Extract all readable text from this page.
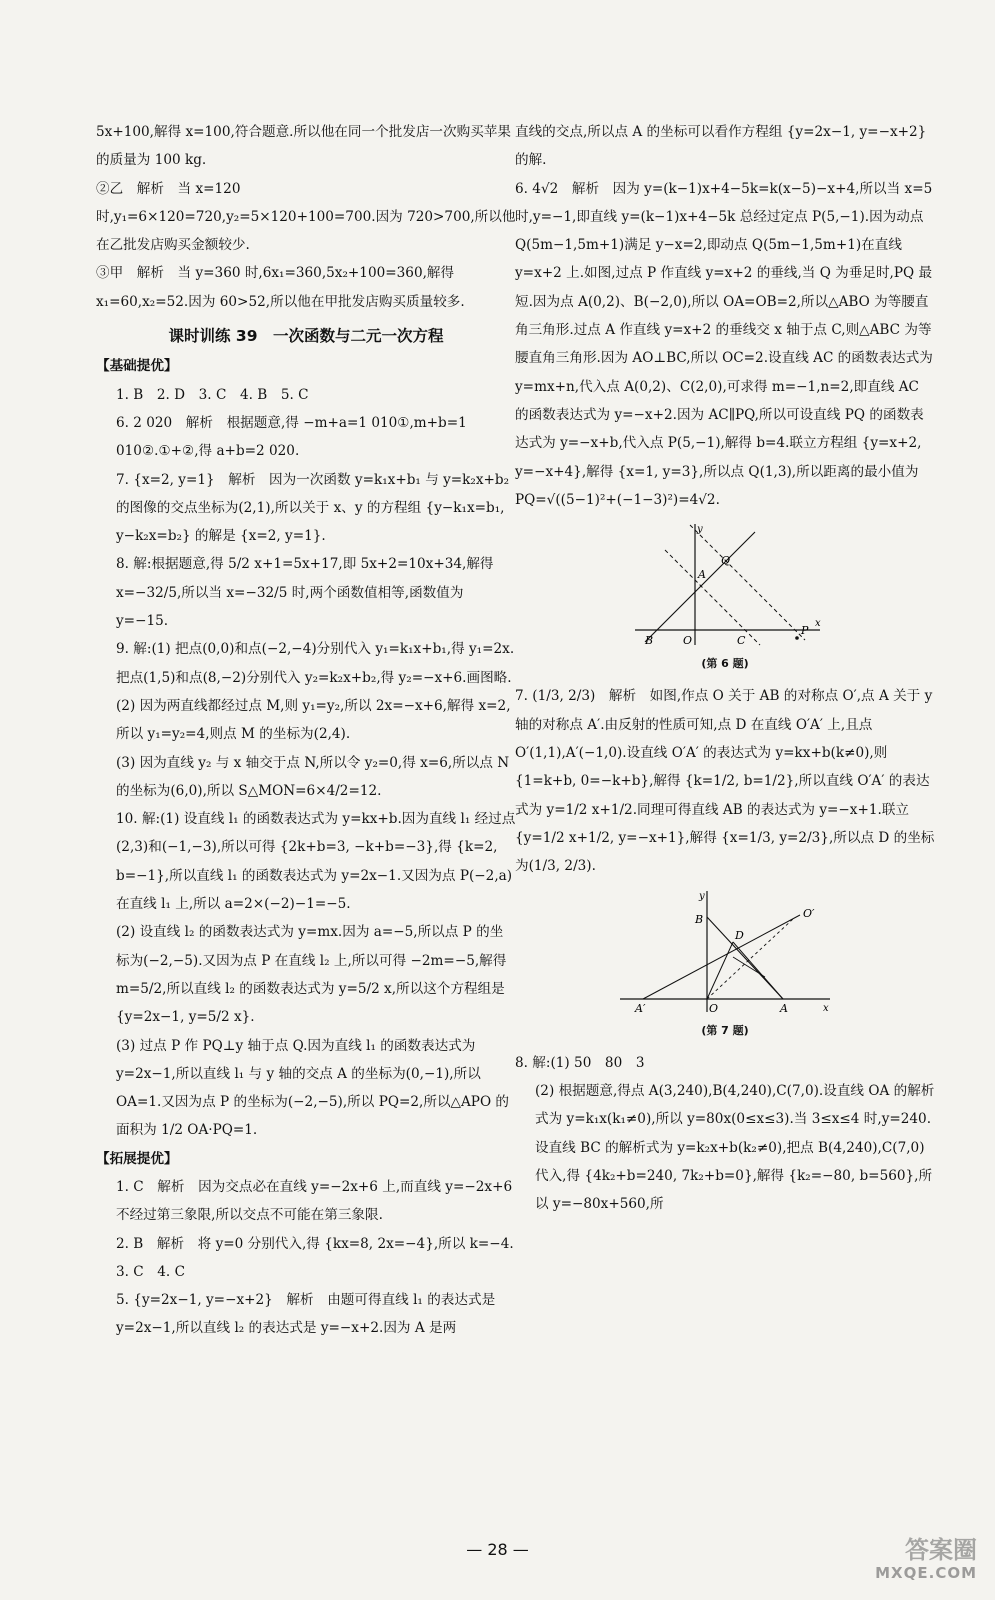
5x+100,解得 x=100,符合题意.所以他在同一个批发店一次购买苹果的质量为 100 kg.

②乙　解析　当 x=120 时,y₁=6×120=720,y₂=5×120+100=700.因为 720>700,所以他在乙批发店购买金额较少.

③甲　解析　当 y=360 时,6x₁=360,5x₂+100=360,解得 x₁=60,x₂=52.因为 60>52,所以他在甲批发店购买质量较多.

课时训练 39　一次函数与二元一次方程
【基础提优】

1. B　2. D　3. C　4. B　5. C

6. 2 020　解析　根据题意,得 −m+a=1 010①,m+b=1 010②.①+②,得 a+b=2 020.

7. {x=2, y=1}　解析　因为一次函数 y=k₁x+b₁ 与 y=k₂x+b₂ 的图像的交点坐标为(2,1),所以关于 x、y 的方程组 {y−k₁x=b₁, y−k₂x=b₂} 的解是 {x=2, y=1}.

8. 解:根据题意,得 5/2 x+1=5x+17,即 5x+2=10x+34,解得 x=−32/5,所以当 x=−32/5 时,两个函数值相等,函数值为 y=−15.

9. 解:(1) 把点(0,0)和点(−2,−4)分别代入 y₁=k₁x+b₁,得 y₁=2x.把点(1,5)和点(8,−2)分别代入 y₂=k₂x+b₂,得 y₂=−x+6.画图略.

(2) 因为两直线都经过点 M,则 y₁=y₂,所以 2x=−x+6,解得 x=2,所以 y₁=y₂=4,则点 M 的坐标为(2,4).

(3) 因为直线 y₂ 与 x 轴交于点 N,所以令 y₂=0,得 x=6,所以点 N 的坐标为(6,0),所以 S△MON=6×4/2=12.

10. 解:(1) 设直线 l₁ 的函数表达式为 y=kx+b.因为直线 l₁ 经过点(2,3)和(−1,−3),所以可得 {2k+b=3, −k+b=−3},得 {k=2, b=−1},所以直线 l₁ 的函数表达式为 y=2x−1.又因为点 P(−2,a)在直线 l₁ 上,所以 a=2×(−2)−1=−5.

(2) 设直线 l₂ 的函数表达式为 y=mx.因为 a=−5,所以点 P 的坐标为(−2,−5).又因为点 P 在直线 l₂ 上,所以可得 −2m=−5,解得 m=5/2,所以直线 l₂ 的函数表达式为 y=5/2 x,所以这个方程组是 {y=2x−1, y=5/2 x}.

(3) 过点 P 作 PQ⊥y 轴于点 Q.因为直线 l₁ 的函数表达式为 y=2x−1,所以直线 l₁ 与 y 轴的交点 A 的坐标为(0,−1),所以 OA=1.又因为点 P 的坐标为(−2,−5),所以 PQ=2,所以△APO 的面积为 1/2 OA·PQ=1.

【拓展提优】

1. C　解析　因为交点必在直线 y=−2x+6 上,而直线 y=−2x+6 不经过第三象限,所以交点不可能在第三象限.

2. B　解析　将 y=0 分别代入,得 {kx=8, 2x=−4},所以 k=−4.

3. C　4. C

5. {y=2x−1, y=−x+2}　解析　由题可得直线 l₁ 的表达式是 y=2x−1,所以直线 l₂ 的表达式是 y=−x+2.因为 A 是两

直线的交点,所以点 A 的坐标可以看作方程组 {y=2x−1, y=−x+2} 的解.

6. 4√2　解析　因为 y=(k−1)x+4−5k=k(x−5)−x+4,所以当 x=5 时,y=−1,即直线 y=(k−1)x+4−5k 总经过定点 P(5,−1).因为动点 Q(5m−1,5m+1)满足 y−x=2,即动点 Q(5m−1,5m+1)在直线 y=x+2 上.如图,过点 P 作直线 y=x+2 的垂线,当 Q 为垂足时,PQ 最短.因为点 A(0,2)、B(−2,0),所以 OA=OB=2,所以△ABO 为等腰直角三角形.过点 A 作直线 y=x+2 的垂线交 x 轴于点 C,则△ABC 为等腰直角三角形.因为 AO⊥BC,所以 OC=2.设直线 AC 的函数表达式为 y=mx+n,代入点 A(0,2)、C(2,0),可求得 m=−1,n=2,即直线 AC 的函数表达式为 y=−x+2.因为 AC∥PQ,所以可设直线 PQ 的函数表达式为 y=−x+b,代入点 P(5,−1),解得 b=4.联立方程组 {y=x+2, y=−x+4},解得 {x=1, y=3},所以点 Q(1,3),所以距离的最小值为 PQ=√((5−1)²+(−1−3)²)=4√2.

y
x
Q
A
B	O	C
P
(第 6 题)

7. (1/3, 2/3)　解析　如图,作点 O 关于 AB 的对称点 O′,点 A 关于 y 轴的对称点 A′.由反射的性质可知,点 D 在直线 O′A′ 上,且点 O′(1,1),A′(−1,0).设直线 O′A′ 的表达式为 y=kx+b(k≠0),则 {1=k+b, 0=−k+b},解得 {k=1/2, b=1/2},所以直线 O′A′ 的表达式为 y=1/2 x+1/2.同理可得直线 AB 的表达式为 y=−x+1.联立 {y=1/2 x+1/2, y=−x+1},解得 {x=1/3, y=2/3},所以点 D 的坐标为(1/3, 2/3).

y
x
B
D
O′
A′	O	A
(第 7 题)

8. 解:(1) 50　80　3

(2) 根据题意,得点 A(3,240),B(4,240),C(7,0).设直线 OA 的解析式为 y=k₁x(k₁≠0),所以 y=80x(0≤x≤3).当 3≤x≤4 时,y=240.设直线 BC 的解析式为 y=k₂x+b(k₂≠0),把点 B(4,240),C(7,0)代入,得 {4k₂+b=240, 7k₂+b=0},解得 {k₂=−80, b=560},所以 y=−80x+560,所

— 28 —	答案圈
MXQE.COM
